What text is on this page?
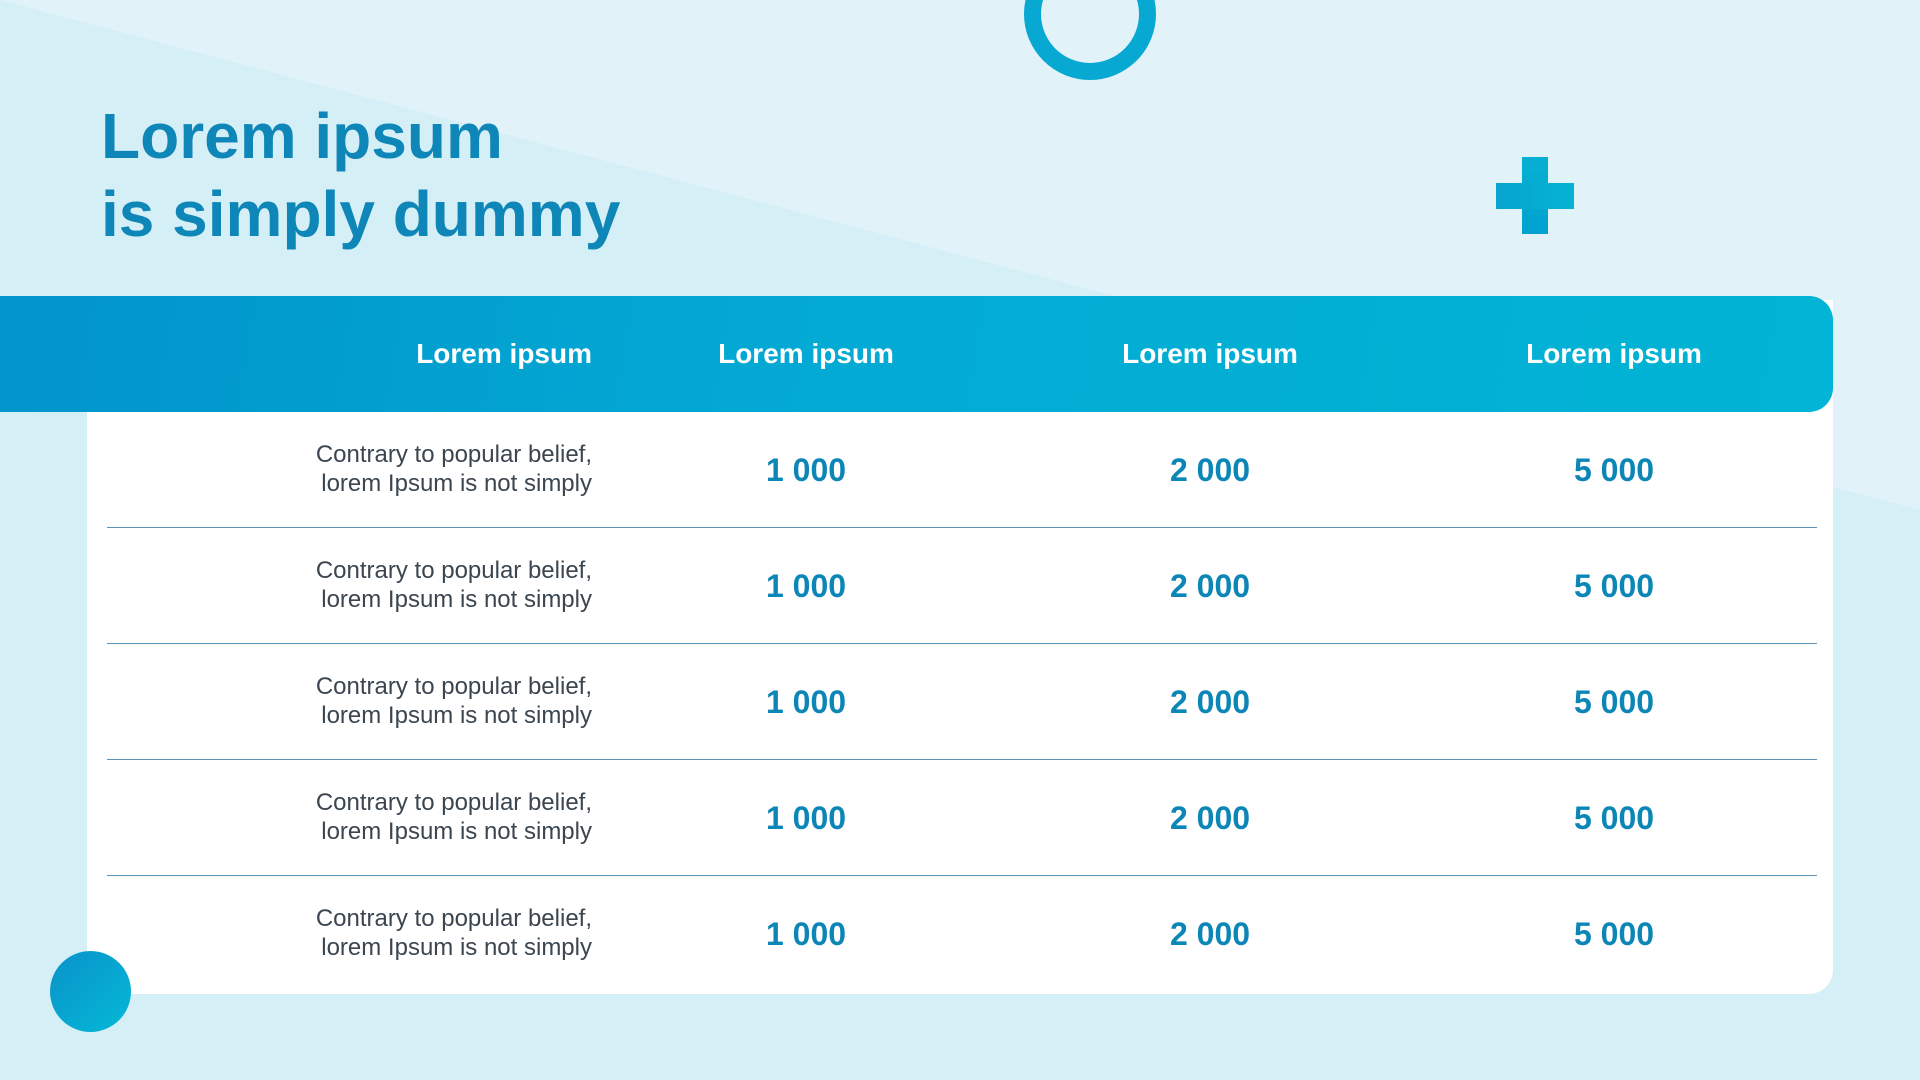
Lorem ipsum
is simply dummy
Lorem ipsum	Lorem ipsum	Lorem ipsum	Lorem ipsum
Contrary to popular belief,
lorem Ipsum is not simply	1 000	2 000	5 000
Contrary to popular belief,
lorem Ipsum is not simply	1 000	2 000	5 000
Contrary to popular belief,
lorem Ipsum is not simply	1 000	2 000	5 000
Contrary to popular belief,
lorem Ipsum is not simply	1 000	2 000	5 000
Contrary to popular belief,
lorem Ipsum is not simply	1 000	2 000	5 000
